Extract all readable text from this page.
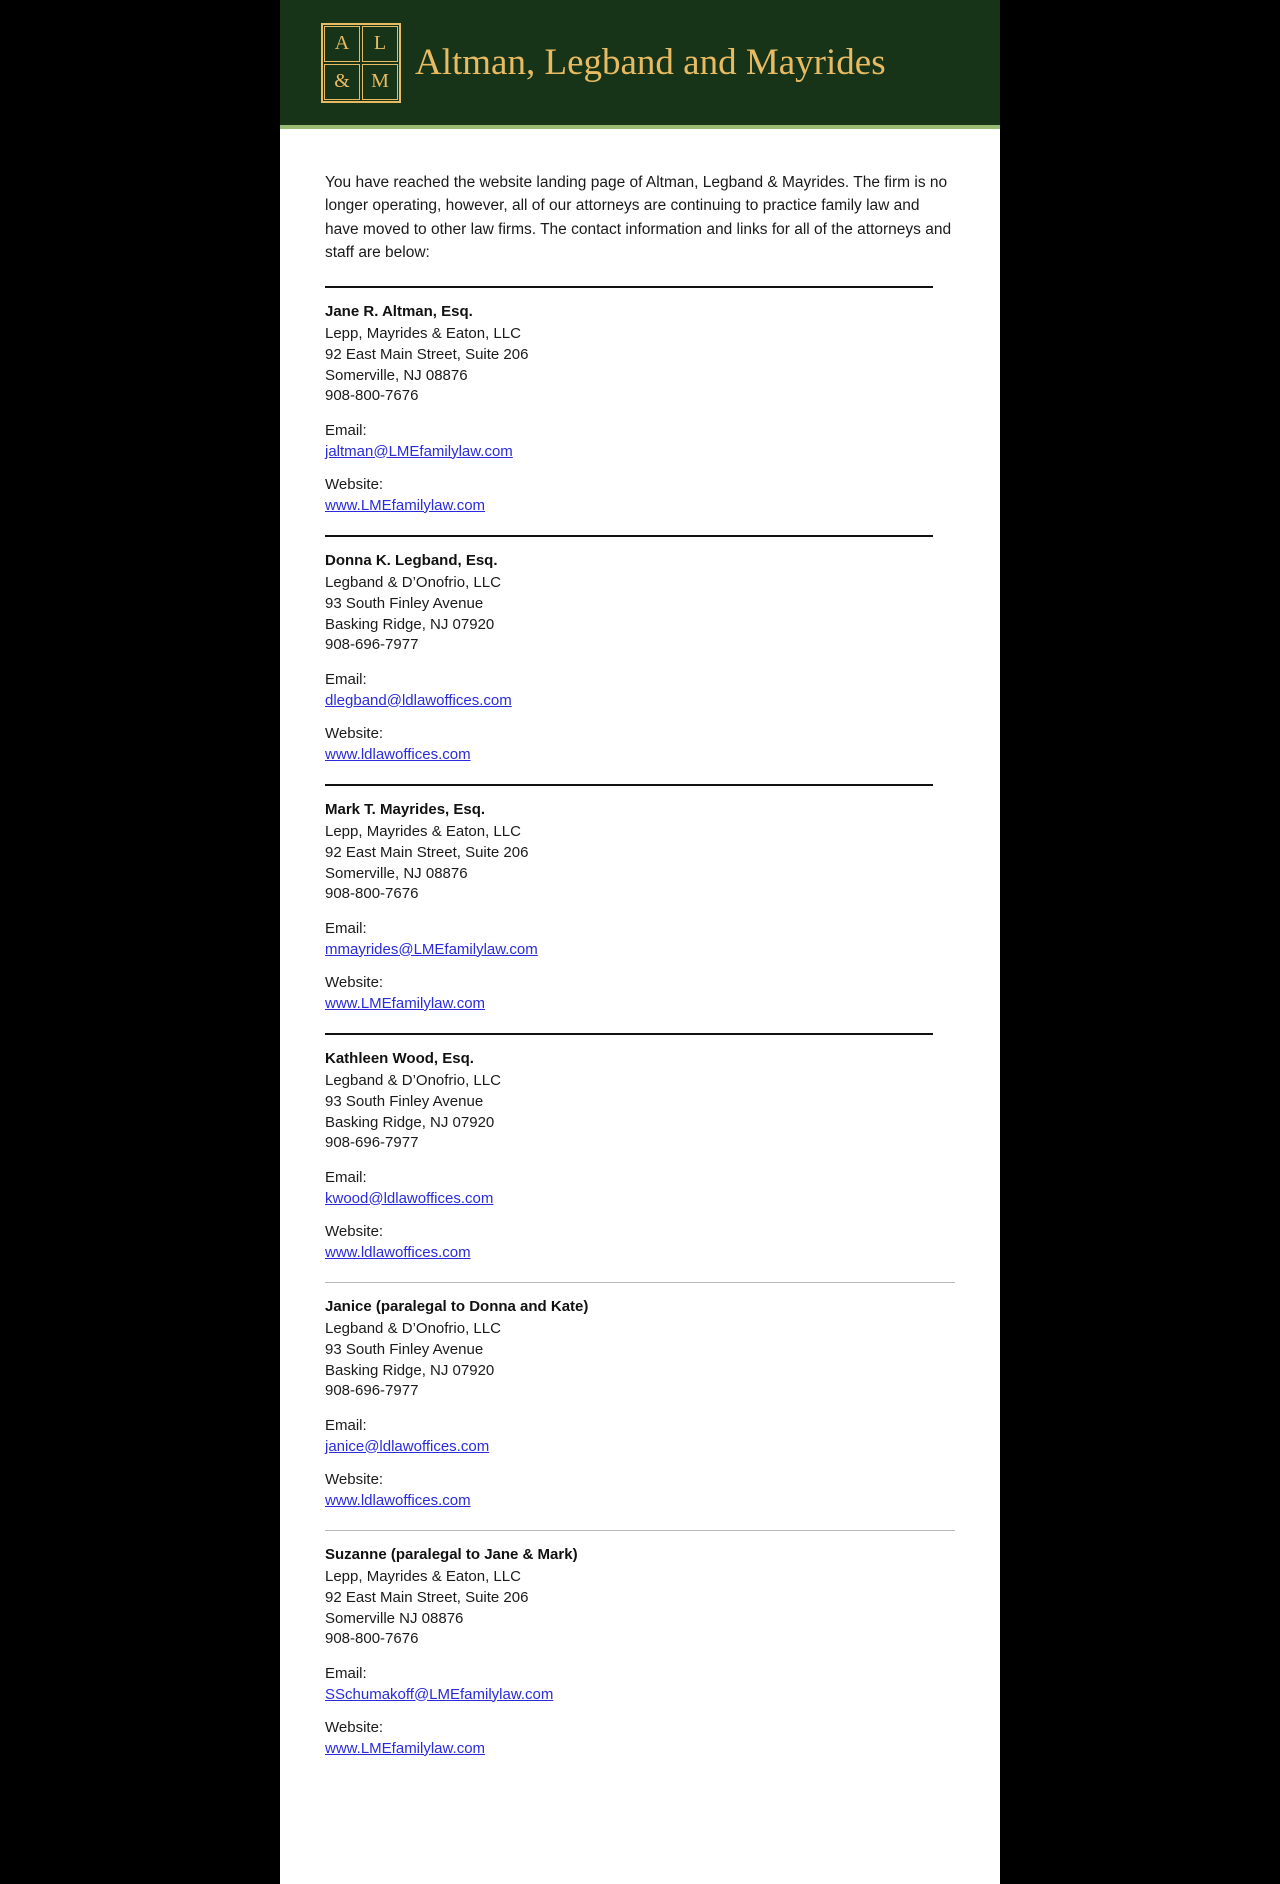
A	L
&	M Altman, Legband and Mayrides

You have reached the website landing page of Altman, Legband & Mayrides. The firm is no longer operating, however, all of our attorneys are continuing to practice family law and have moved to other law firms. The contact information and links for all of the attorneys and staff are below:

Jane R. Altman, Esq.

Lepp, Mayrides & Eaton, LLC

92 East Main Street, Suite 206

Somerville, NJ 08876

908-800-7676

Email:

jaltman@LMEfamilylaw.com

Website:

www.LMEfamilylaw.com

Donna K. Legband, Esq.

Legband & D’Onofrio, LLC

93 South Finley Avenue

Basking Ridge, NJ 07920

908-696-7977

Email:

dlegband@ldlawoffices.com

Website:

www.ldlawoffices.com

Mark T. Mayrides, Esq.

Lepp, Mayrides & Eaton, LLC

92 East Main Street, Suite 206

Somerville, NJ 08876

908-800-7676

Email:

mmayrides@LMEfamilylaw.com

Website:

www.LMEfamilylaw.com

Kathleen Wood, Esq.

Legband & D’Onofrio, LLC

93 South Finley Avenue

Basking Ridge, NJ 07920

908-696-7977

Email:

kwood@ldlawoffices.com

Website:

www.ldlawoffices.com

Janice (paralegal to Donna and Kate)

Legband & D’Onofrio, LLC

93 South Finley Avenue

Basking Ridge, NJ 07920

908-696-7977

Email:

janice@ldlawoffices.com

Website:

www.ldlawoffices.com

Suzanne (paralegal to Jane & Mark)

Lepp, Mayrides & Eaton, LLC

92 East Main Street, Suite 206

Somerville NJ 08876

908-800-7676

Email:

SSchumakoff@LMEfamilylaw.com

Website:

www.LMEfamilylaw.com
